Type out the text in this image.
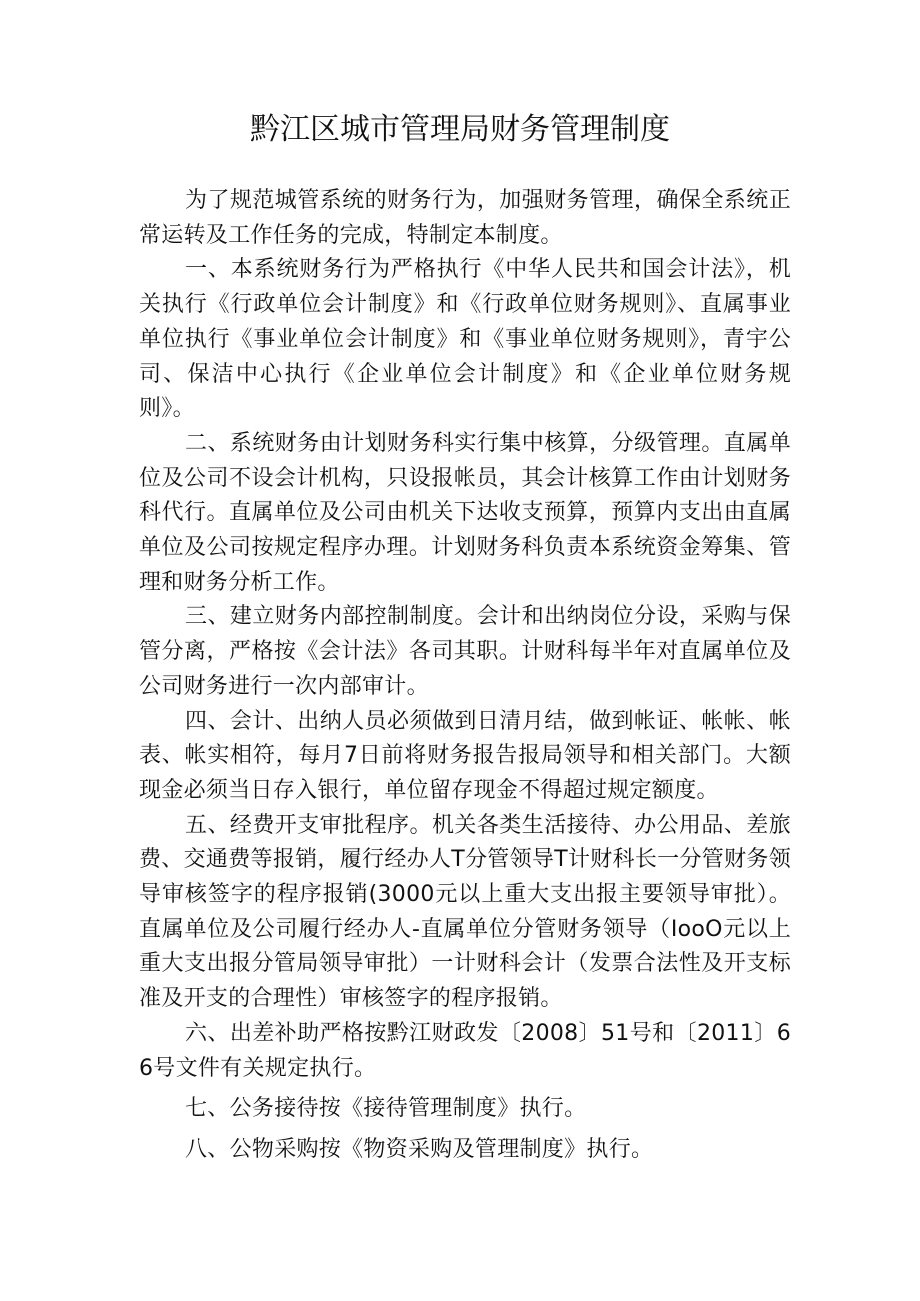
黔江区城市管理局财务管理制度

为了规范城管系统的财务行为，加强财务管理，确保全系统正常运转及工作任务的完成，特制定本制度。

一、本系统财务行为严格执行《中华人民共和国会计法》，机关执行《行政单位会计制度》和《行政单位财务规则》、直属事业单位执行《事业单位会计制度》和《事业单位财务规则》，青宇公司、保洁中心执行《企业单位会计制度》和《企业单位财务规则》。

二、系统财务由计划财务科实行集中核算，分级管理。直属单位及公司不设会计机构，只设报帐员，其会计核算工作由计划财务科代行。直属单位及公司由机关下达收支预算，预算内支出由直属单位及公司按规定程序办理。计划财务科负责本系统资金筹集、管理和财务分析工作。

三、建立财务内部控制制度。会计和出纳岗位分设，采购与保管分离，严格按《会计法》各司其职。计财科每半年对直属单位及公司财务进行一次内部审计。

四、会计、出纳人员必须做到日清月结，做到帐证、帐帐、帐表、帐实相符，每月7日前将财务报告报局领导和相关部门。大额现金必须当日存入银行，单位留存现金不得超过规定额度。

五、经费开支审批程序。机关各类生活接待、办公用品、差旅费、交通费等报销，履行经办人T分管领导T计财科长一分管财务领导审核签字的程序报销(3000元以上重大支出报主要领导审批）。直属单位及公司履行经办人-直属单位分管财务领导（IooO元以上重大支出报分管局领导审批）一计财科会计（发票合法性及开支标准及开支的合理性）审核签字的程序报销。

六、出差补助严格按黔江财政发〔2008〕51号和〔2011〕66号文件有关规定执行。

七、公务接待按《接待管理制度》执行。

八、公物采购按《物资采购及管理制度》执行。
